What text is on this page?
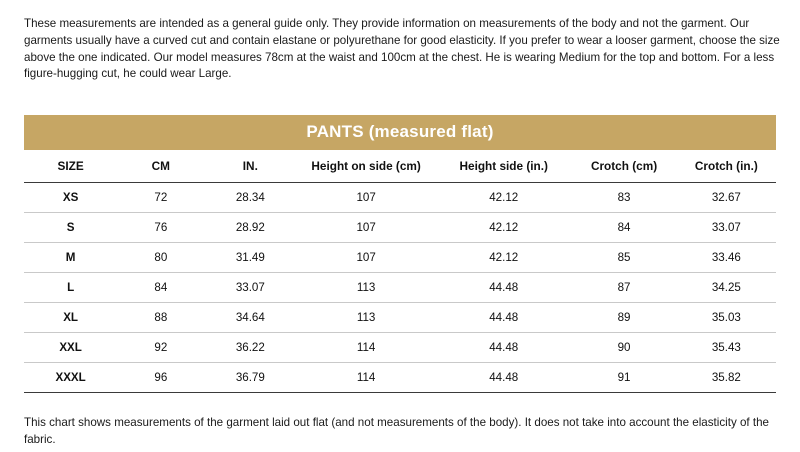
These measurements are intended as a general guide only. They provide information on measurements of the body and not the garment. Our garments usually have a curved cut and contain elastane or polyurethane for good elasticity. If you prefer to wear a looser garment, choose the size above the one indicated. Our model measures 78cm at the waist and 100cm at the chest. He is wearing Medium for the top and bottom. For a less figure-hugging cut, he could wear Large.

PANTS (measured flat)
SIZE	CM	IN.	Height on side (cm)	Height side (in.)	Crotch (cm)	Crotch (in.)
XS	72	28.34	107	42.12	83	32.67
S	76	28.92	107	42.12	84	33.07
M	80	31.49	107	42.12	85	33.46
L	84	33.07	113	44.48	87	34.25
XL	88	34.64	113	44.48	89	35.03
XXL	92	36.22	114	44.48	90	35.43
XXXL	96	36.79	114	44.48	91	35.82

This chart shows measurements of the garment laid out flat (and not measurements of the body). It does not take into account the elasticity of the fabric.
